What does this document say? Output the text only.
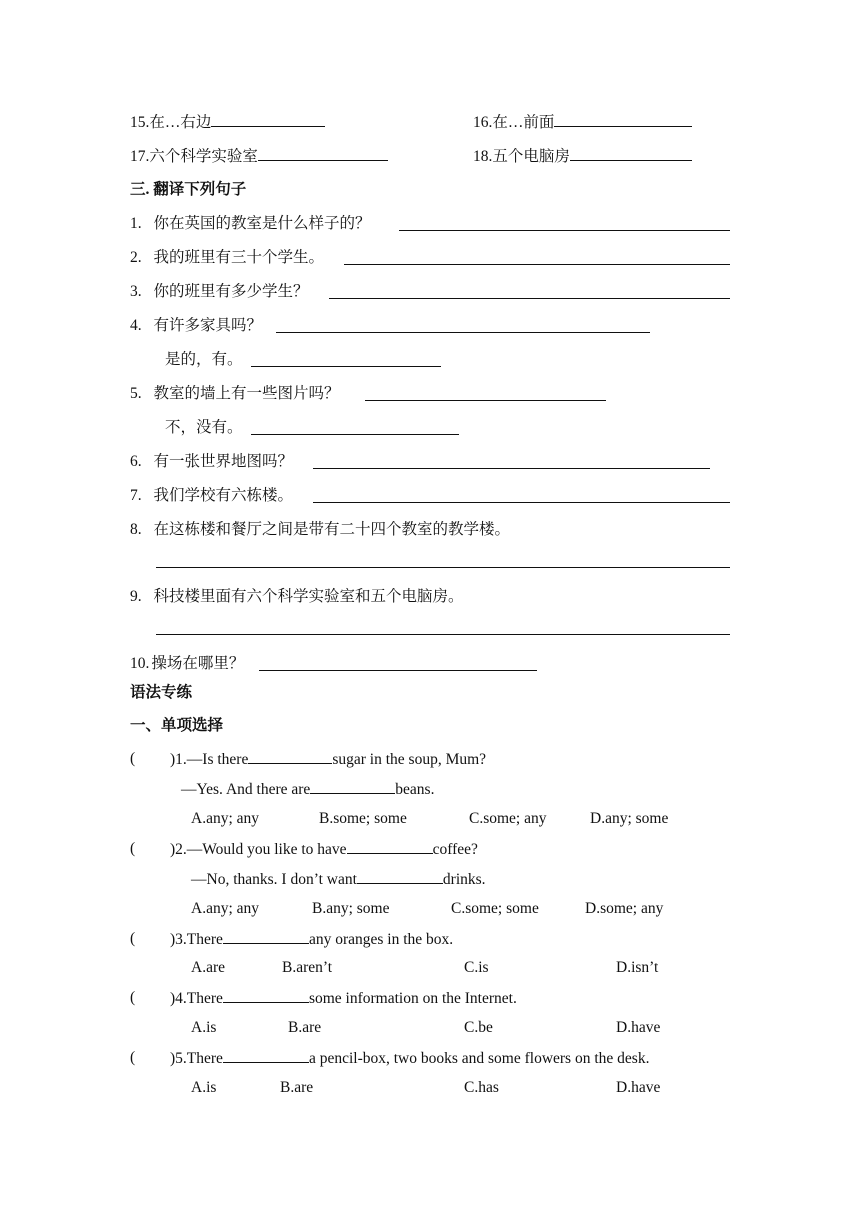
15.在…右边	16.在…前面
17.六个科学实验室	18.五个电脑房
三. 翻译下列句子
1. 你在英国的教室是什么样子的？
2. 我的班里有三十个学生。
3. 你的班里有多少学生？
4. 有许多家具吗？
是的，有。
5. 教室的墙上有一些图片吗？
不，没有。
6. 有一张世界地图吗？
7. 我们学校有六栋楼。
8. 在这栋楼和餐厅之间是带有二十四个教室的教学楼。
9. 科技楼里面有六个科学实验室和五个电脑房。
10. 操场在哪里？
语法专练
一、单项选择
( )1.—Is there	sugar in the soup, Mum?
—Yes. And there are	beans.
A.any; any	B.some; some	C.some; any	D.any; some
( )2.—Would you like to have	coffee?
—No, thanks. I don’t want	drinks.
A.any; any	B.any; some	C.some; some	D.some; any
( )3.There	any oranges in the box.
A.are	B.aren’t	C.is	D.isn’t
( )4.There	some information on the Internet.
A.is	B.are	C.be	D.have
( )5.There	a pencil-box, two books and some flowers on the desk.
A.is	B.are	C.has	D.have
